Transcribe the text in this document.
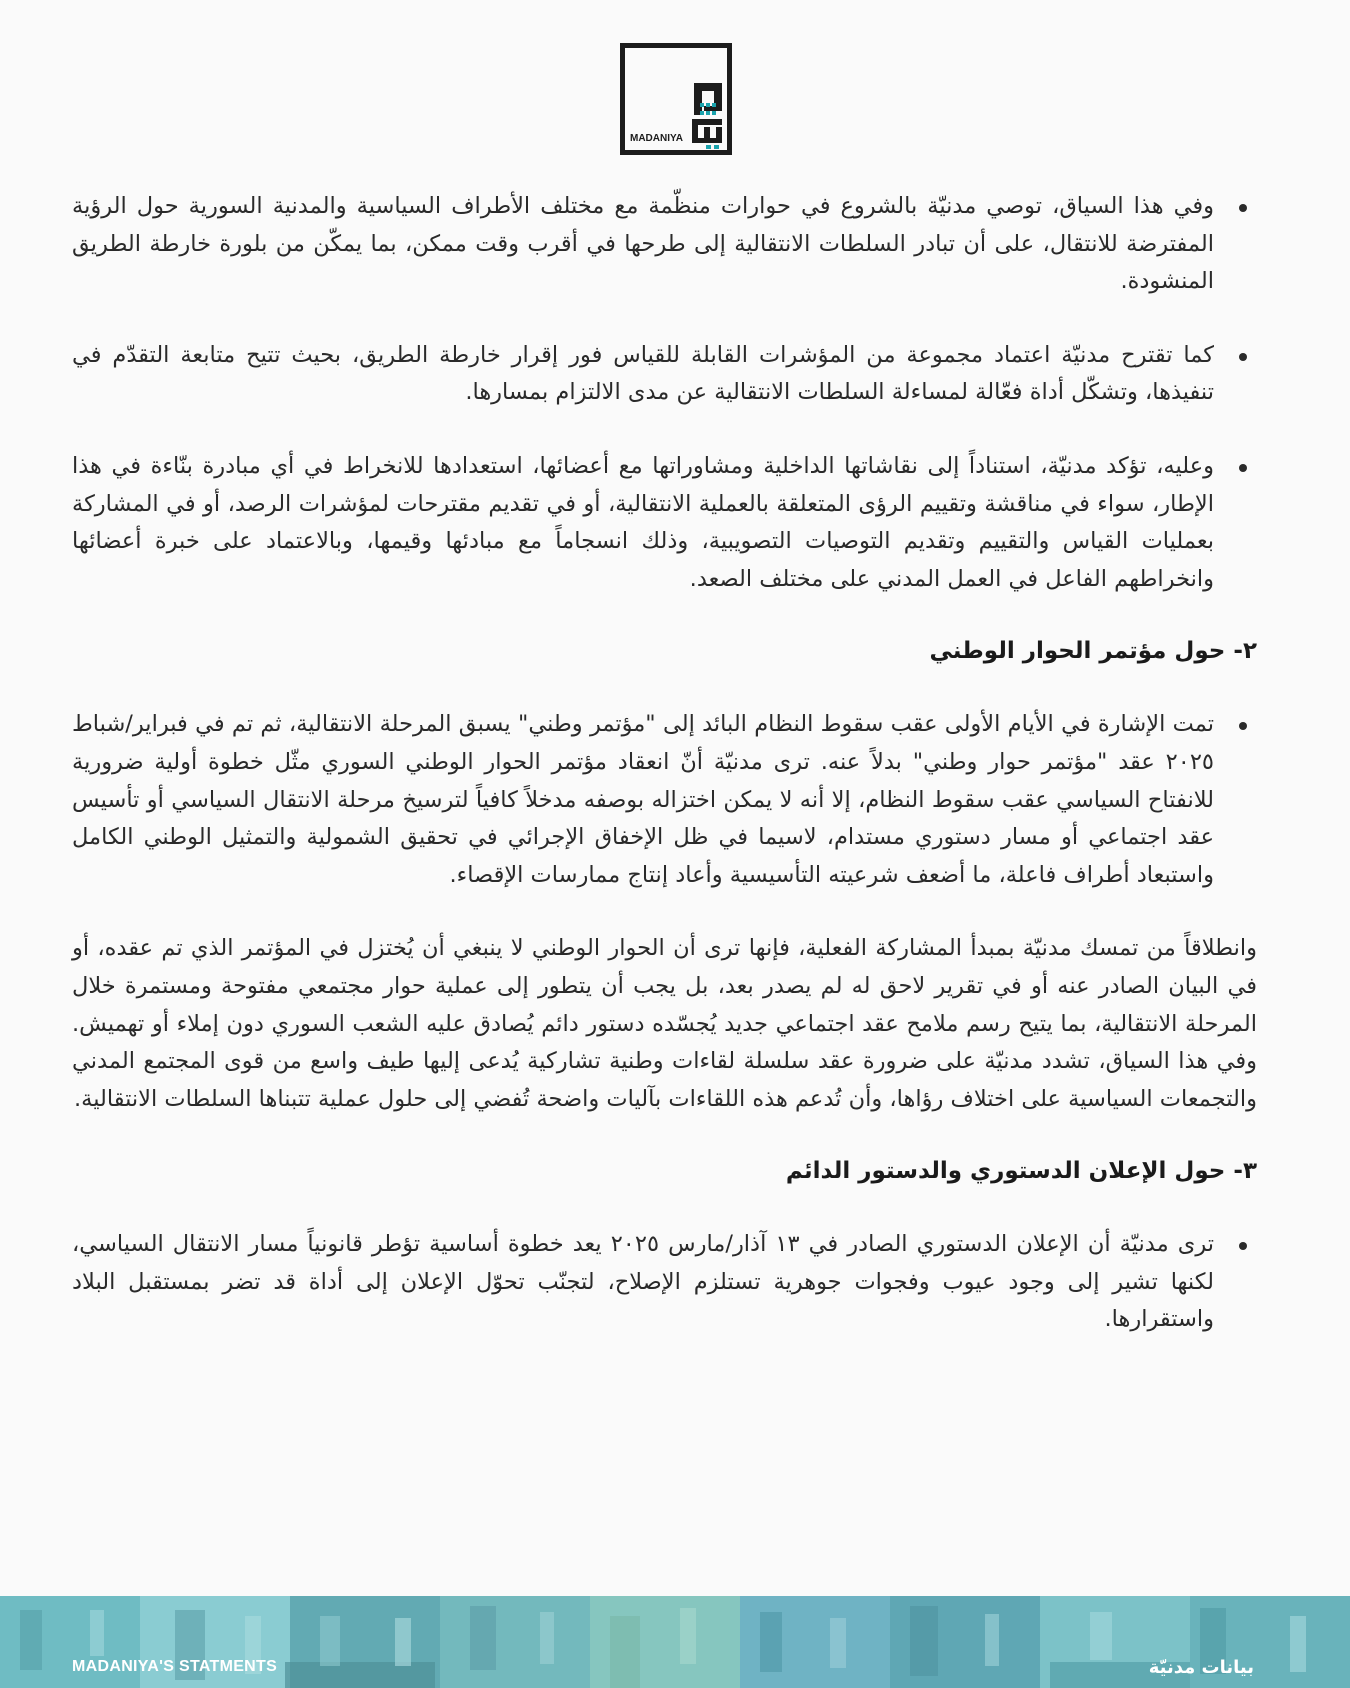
MADANIYA

وفي هذا السياق، توصي مدنيّة بالشروع في حوارات منظّمة مع مختلف الأطراف السياسية والمدنية السورية حول الرؤية المفترضة للانتقال، على أن تبادر السلطات الانتقالية إلى طرحها في أقرب وقت ممكن، بما يمكّن من بلورة خارطة الطريق المنشودة.

كما تقترح مدنيّة اعتماد مجموعة من المؤشرات القابلة للقياس فور إقرار خارطة الطريق، بحيث تتيح متابعة التقدّم في تنفيذها، وتشكّل أداة فعّالة لمساءلة السلطات الانتقالية عن مدى الالتزام بمسارها.

وعليه، تؤكد مدنيّة، استناداً إلى نقاشاتها الداخلية ومشاوراتها مع أعضائها، استعدادها للانخراط في أي مبادرة بنّاءة في هذا الإطار، سواء في مناقشة وتقييم الرؤى المتعلقة بالعملية الانتقالية، أو في تقديم مقترحات لمؤشرات الرصد، أو في المشاركة بعمليات القياس والتقييم وتقديم التوصيات التصويبية، وذلك انسجاماً مع مبادئها وقيمها، وبالاعتماد على خبرة أعضائها وانخراطهم الفاعل في العمل المدني على مختلف الصعد.

٢- حول مؤتمر الحوار الوطني

تمت الإشارة في الأيام الأولى عقب سقوط النظام البائد إلى "مؤتمر وطني" يسبق المرحلة الانتقالية، ثم تم في فبراير/شباط ٢٠٢٥ عقد "مؤتمر حوار وطني" بدلاً عنه. ترى مدنيّة أنّ انعقاد مؤتمر الحوار الوطني السوري مثّل خطوة أولية ضرورية للانفتاح السياسي عقب سقوط النظام، إلا أنه لا يمكن اختزاله بوصفه مدخلاً كافياً لترسيخ مرحلة الانتقال السياسي أو تأسيس عقد اجتماعي أو مسار دستوري مستدام، لاسيما في ظل الإخفاق الإجرائي في تحقيق الشمولية والتمثيل الوطني الكامل واستبعاد أطراف فاعلة، ما أضعف شرعيته التأسيسية وأعاد إنتاج ممارسات الإقصاء.

وانطلاقاً من تمسك مدنيّة بمبدأ المشاركة الفعلية، فإنها ترى أن الحوار الوطني لا ينبغي أن يُختزل في المؤتمر الذي تم عقده، أو في البيان الصادر عنه أو في تقرير لاحق له لم يصدر بعد، بل يجب أن يتطور إلى عملية حوار مجتمعي مفتوحة ومستمرة خلال المرحلة الانتقالية، بما يتيح رسم ملامح عقد اجتماعي جديد يُجسّده دستور دائم يُصادق عليه الشعب السوري دون إملاء أو تهميش. وفي هذا السياق، تشدد مدنيّة على ضرورة عقد سلسلة لقاءات وطنية تشاركية يُدعى إليها طيف واسع من قوى المجتمع المدني والتجمعات السياسية على اختلاف رؤاها، وأن تُدعم هذه اللقاءات بآليات واضحة تُفضي إلى حلول عملية تتبناها السلطات الانتقالية.

٣- حول الإعلان الدستوري والدستور الدائم

ترى مدنيّة أن الإعلان الدستوري الصادر في ١٣ آذار/مارس ٢٠٢٥ يعد خطوة أساسية تؤطر قانونياً مسار الانتقال السياسي، لكنها تشير إلى وجود عيوب وفجوات جوهرية تستلزم الإصلاح، لتجنّب تحوّل الإعلان إلى أداة قد تضر بمستقبل البلاد واستقرارها.

MADANIYA'S STATMENTS	بيانات مدنيّة
